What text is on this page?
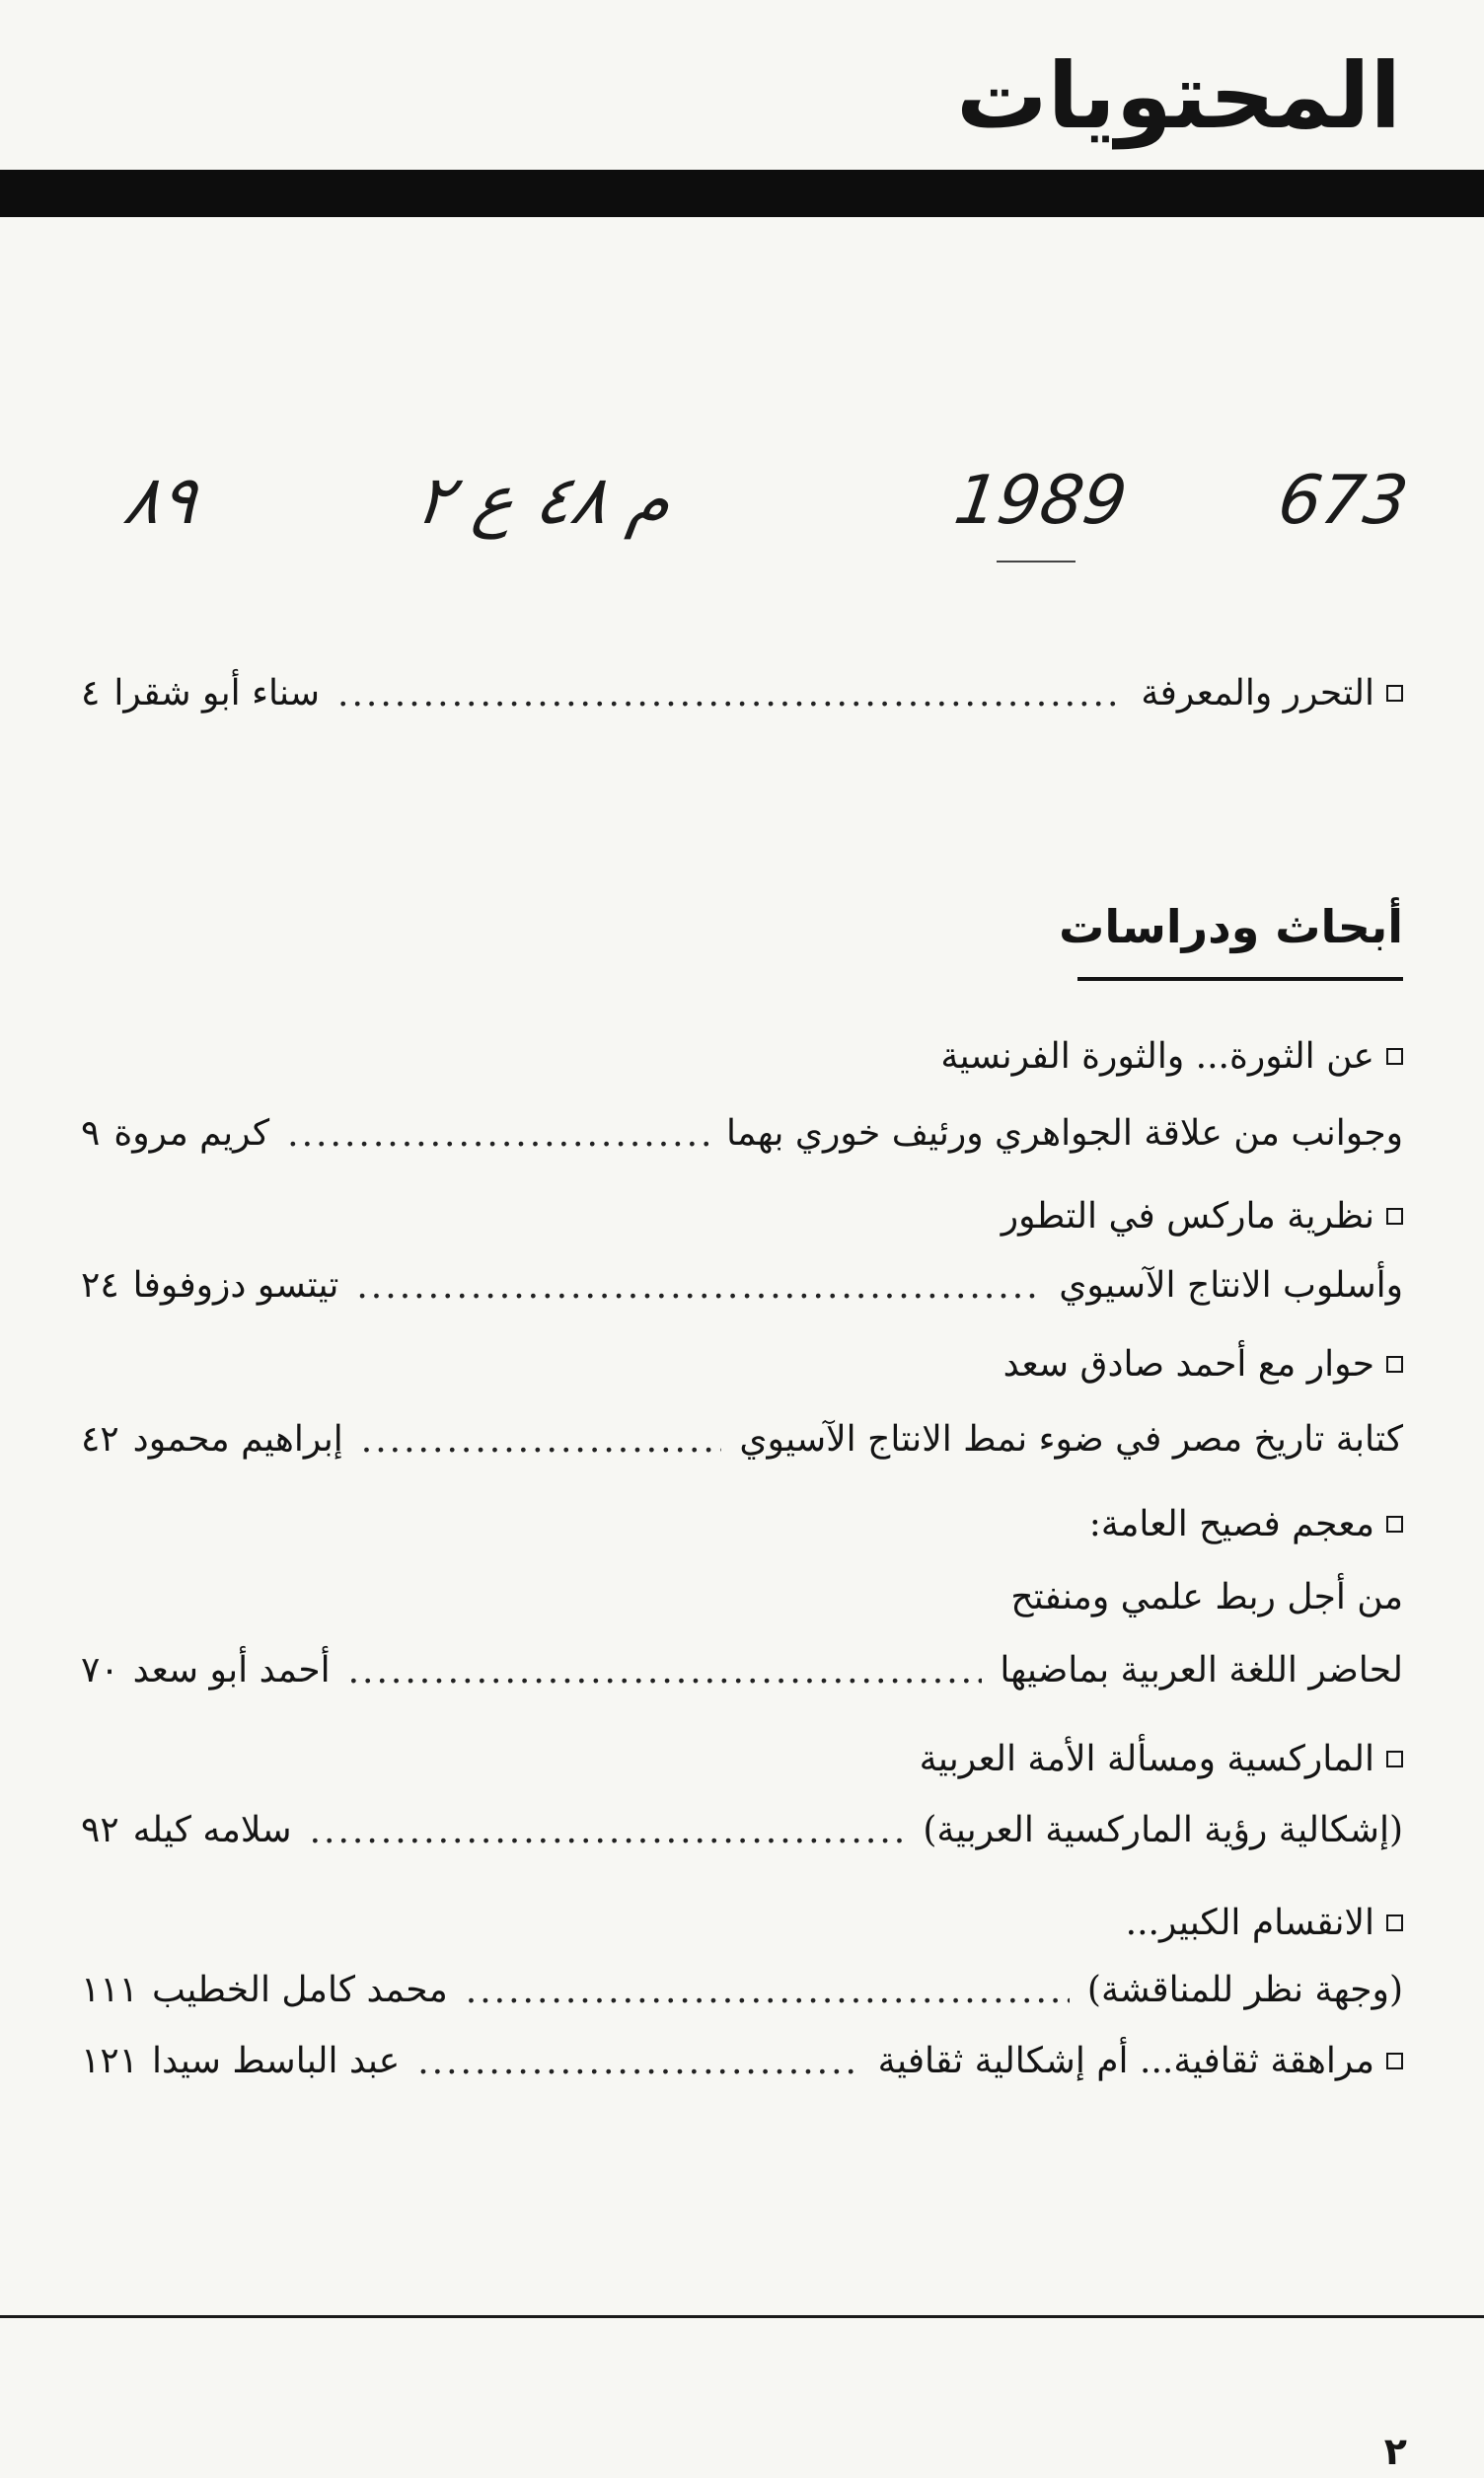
المحتويات
673
1989
م ٤٨ ع ٢
٨٩
التحرر والمعرفة
.....
سناء أبو شقرا
٤
أبحاث ودراسات
عن الثورة... والثورة الفرنسية
وجوانب من علاقة الجواهري ورئيف خوري بهما
.....
كريم مروة
٩
نظرية ماركس في التطور
وأسلوب الانتاج الآسيوي
.....
تيتسو دزوفوفا
٢٤
حوار مع أحمد صادق سعد
كتابة تاريخ مصر في ضوء نمط الانتاج الآسيوي
.....
إبراهيم محمود
٤٢
معجم فصيح العامة:
من أجل ربط علمي ومنفتح
لحاضر اللغة العربية بماضيها
.....
أحمد أبو سعد
٧٠
الماركسية ومسألة الأمة العربية
(إشكالية رؤية الماركسية العربية)
.....
سلامه كيله
٩٢
الانقسام الكبير...
(وجهة نظر للمناقشة)
.....
محمد كامل الخطيب
١١١
مراهقة ثقافية... أم إشكالية ثقافية
.....
عبد الباسط سيدا
١٢١
٢
